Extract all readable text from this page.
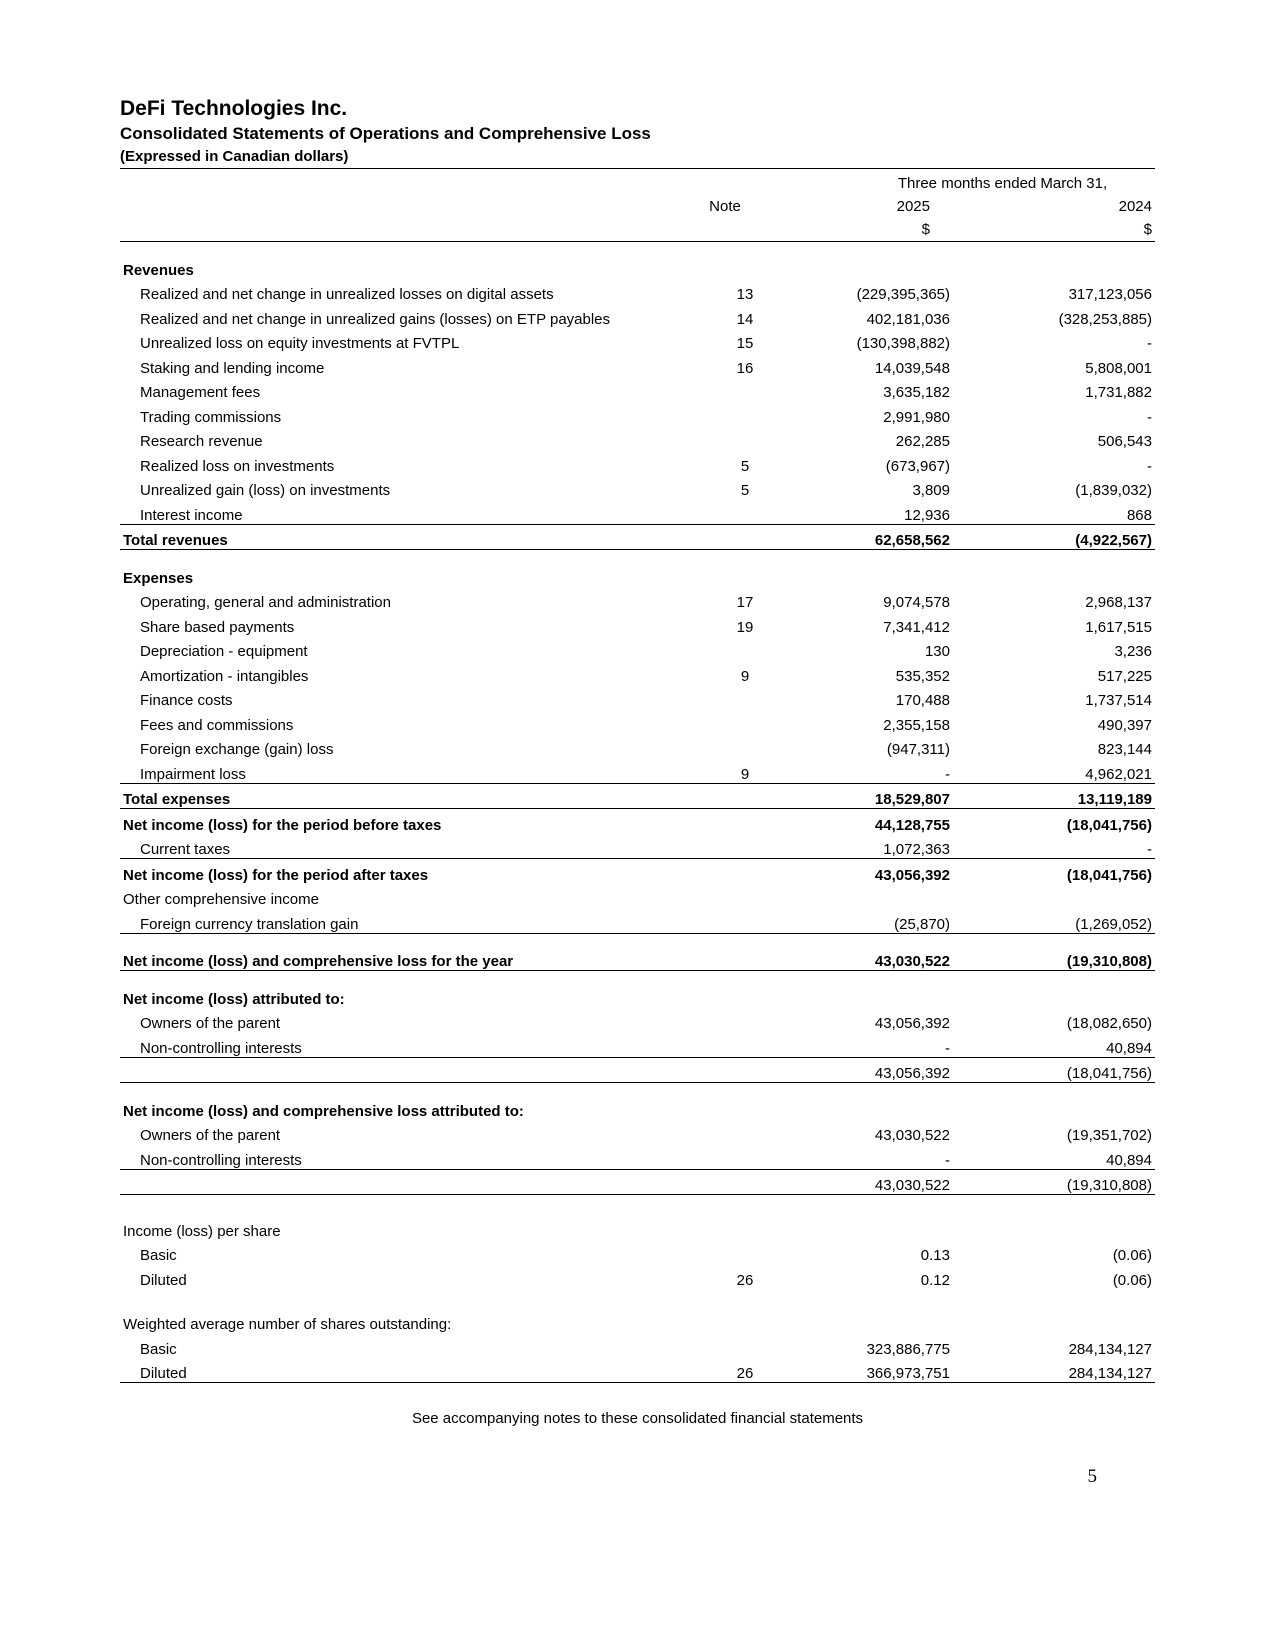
DeFi Technologies Inc.

Consolidated Statements of Operations and Comprehensive Loss

(Expressed in Canadian dollars)

Three months ended March 31,
Note	2025	2024
$	$

Revenues				
Realized and net change in unrealized losses on digital assets	13	(229,395,365)		317,123,056
Realized and net change in unrealized gains (losses) on ETP payables	14	402,181,036		(328,253,885)
Unrealized loss on equity investments at FVTPL	15	(130,398,882)		-
Staking and lending income	16	14,039,548		5,808,001
Management fees		3,635,182		1,731,882
Trading commissions		2,991,980		-
Research revenue		262,285		506,543
Realized loss on investments	5	(673,967)		-
Unrealized gain (loss) on investments	5	3,809		(1,839,032)
Interest income		12,936		868
Total revenues		62,658,562		(4,922,567)

Expenses				
Operating, general and administration	17	9,074,578		2,968,137
Share based payments	19	7,341,412		1,617,515
Depreciation - equipment		130		3,236
Amortization - intangibles	9	535,352		517,225
Finance costs		170,488		1,737,514
Fees and commissions		2,355,158		490,397
Foreign exchange (gain) loss		(947,311)		823,144
Impairment loss	9	-		4,962,021
Total expenses		18,529,807		13,119,189
Net income (loss) for the period before taxes		44,128,755		(18,041,756)
Current taxes		1,072,363		-
Net income (loss) for the period after taxes		43,056,392		(18,041,756)
Other comprehensive income				
Foreign currency translation gain		(25,870)		(1,269,052)

Net income (loss) and comprehensive loss for the year		43,030,522		(19,310,808)

Net income (loss) attributed to:				
Owners of the parent		43,056,392		(18,082,650)
Non-controlling interests		-		40,894
		43,056,392		(18,041,756)

Net income (loss) and comprehensive loss attributed to:				
Owners of the parent		43,030,522		(19,351,702)
Non-controlling interests		-		40,894
		43,030,522		(19,310,808)

Income (loss) per share				
Basic		0.13		(0.06)
Diluted	26	0.12		(0.06)

Weighted average number of shares outstanding:				
Basic		323,886,775		284,134,127
Diluted	26	366,973,751		284,134,127
See accompanying notes to these consolidated financial statements
5
